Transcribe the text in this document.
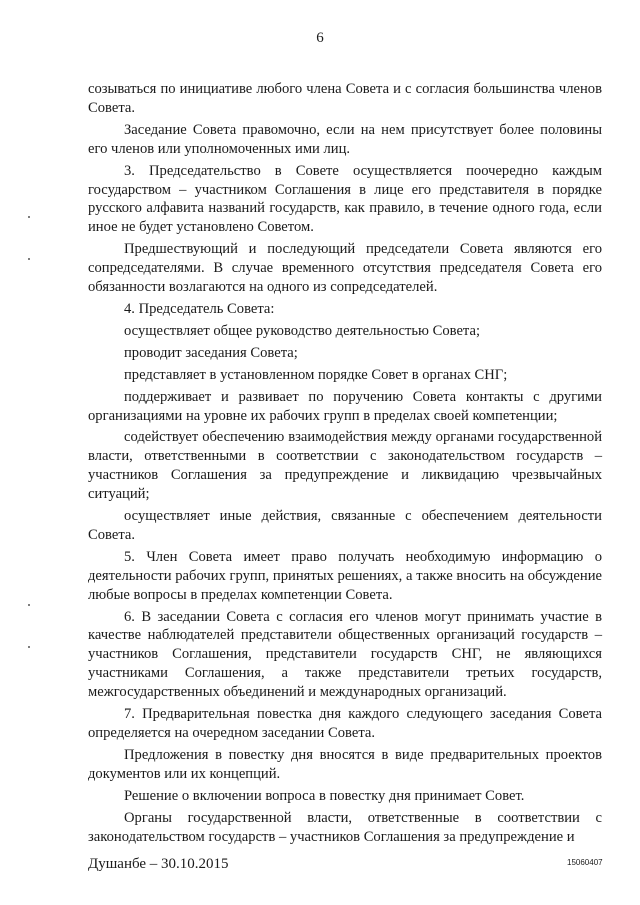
6

созываться по инициативе любого члена Совета и с согласия большинства членов Совета.

Заседание Совета правомочно, если на нем присутствует более половины его членов или уполномоченных ими лиц.

3. Председательство в Совете осуществляется поочередно каждым государством – участником Соглашения в лице его представителя в порядке русского алфавита названий государств, как правило, в течение одного года, если иное не будет установлено Советом.

Предшествующий и последующий председатели Совета являются его сопредседателями. В случае временного отсутствия председателя Совета его обязанности возлагаются на одного из сопредседателей.

4. Председатель Совета:

осуществляет общее руководство деятельностью Совета;

проводит заседания Совета;

представляет в установленном порядке Совет в органах СНГ;

поддерживает и развивает по поручению Совета контакты с другими организациями на уровне их рабочих групп в пределах своей компетенции;

содействует обеспечению взаимодействия между органами государственной власти, ответственными в соответствии с законодательством государств – участников Соглашения за предупреждение и ликвидацию чрезвычайных ситуаций;

осуществляет иные действия, связанные с обеспечением деятельности Совета.

5. Член Совета имеет право получать необходимую информацию о деятельности рабочих групп, принятых решениях, а также вносить на обсуждение любые вопросы в пределах компетенции Совета.

6. В заседании Совета с согласия его членов могут принимать участие в качестве наблюдателей представители общественных организаций государств – участников Соглашения, представители государств СНГ, не являющихся участниками Соглашения, а также представители третьих государств, межгосударственных объединений и международных организаций.

7. Предварительная повестка дня каждого следующего заседания Совета определяется на очередном заседании Совета.

Предложения в повестку дня вносятся в виде предварительных проектов документов или их концепций.

Решение о включении вопроса в повестку дня принимает Совет.

Органы государственной власти, ответственные в соответствии с законодательством государств – участников Соглашения за предупреждение и

Душанбе – 30.10.2015	15060407
